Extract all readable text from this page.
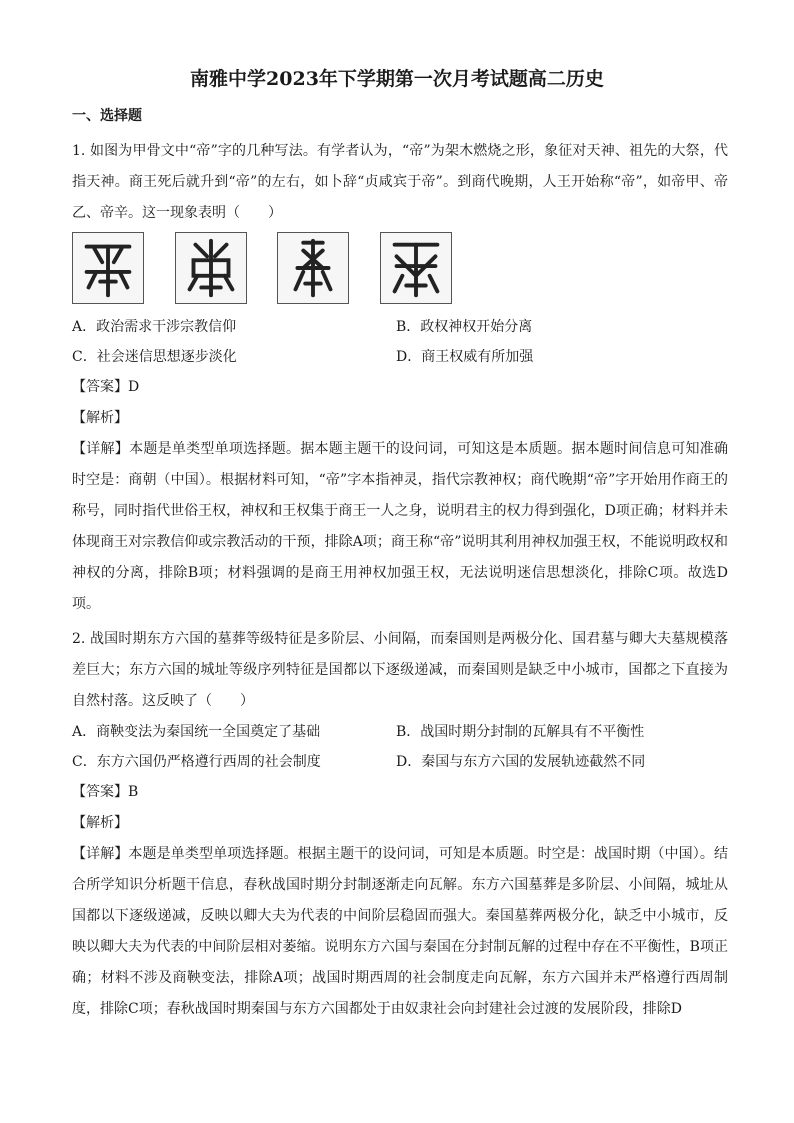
南雅中学2023年下学期第一次月考试题高二历史
一、选择题

1. 如图为甲骨文中“帝”字的几种写法。有学者认为，“帝”为架木燃烧之形，象征对天神、祖先的大祭，代指天神。商王死后就升到“帝”的左右，如卜辞“贞咸宾于帝”。到商代晚期，人王开始称“帝”，如帝甲、帝乙、帝辛。这一现象表明（　　）

A．政治需求干涉宗教信仰	B．政权神权开始分离
C．社会迷信思想逐步淡化	D．商王权威有所加强
【答案】D
【解析】

【详解】本题是单类型单项选择题。据本题主题干的设问词，可知这是本质题。据本题时间信息可知准确时空是：商朝（中国）。根据材料可知，“帝”字本指神灵，指代宗教神权；商代晚期“帝”字开始用作商王的称号，同时指代世俗王权，神权和王权集于商王一人之身，说明君主的权力得到强化，D项正确；材料并未体现商王对宗教信仰或宗教活动的干预，排除A项；商王称“帝”说明其利用神权加强王权，不能说明政权和神权的分离，排除B项；材料强调的是商王用神权加强王权，无法说明迷信思想淡化，排除C项。故选D项。

2. 战国时期东方六国的墓葬等级特征是多阶层、小间隔，而秦国则是两极分化、国君墓与卿大夫墓规模落差巨大；东方六国的城址等级序列特征是国都以下逐级递减，而秦国则是缺乏中小城市，国都之下直接为自然村落。这反映了（　　）

A．商鞅变法为秦国统一全国奠定了基础	B．战国时期分封制的瓦解具有不平衡性
C．东方六国仍严格遵行西周的社会制度	D．秦国与东方六国的发展轨迹截然不同
【答案】B
【解析】

【详解】本题是单类型单项选择题。根据主题干的设问词，可知是本质题。时空是：战国时期（中国）。结合所学知识分析题干信息，春秋战国时期分封制逐渐走向瓦解。东方六国墓葬是多阶层、小间隔，城址从国都以下逐级递减，反映以卿大夫为代表的中间阶层稳固而强大。秦国墓葬两极分化，缺乏中小城市，反映以卿大夫为代表的中间阶层相对萎缩。说明东方六国与秦国在分封制瓦解的过程中存在不平衡性，B项正确；材料不涉及商鞅变法，排除A项；战国时期西周的社会制度走向瓦解，东方六国并未严格遵行西周制度，排除C项；春秋战国时期秦国与东方六国都处于由奴隶社会向封建社会过渡的发展阶段，排除D
